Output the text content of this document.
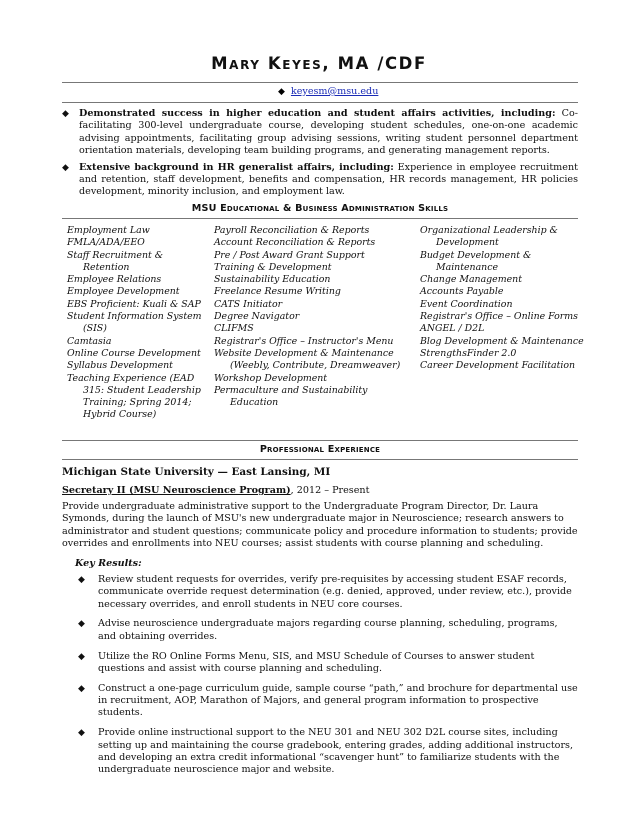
Mary Keyes, MA /CDF
◆ keyesm@msu.edu
◆ Demonstrated success in higher education and student affairs activities, including: Co-facilitating 300-level undergraduate course, developing student schedules, one-on-one academic advising appointments, facilitating group advising sessions, writing student personnel department orientation materials, developing team building programs, and generating management reports.
◆ Extensive background in HR generalist affairs, including: Experience in employee recruitment and retention, staff development, benefits and compensation, HR records management, HR policies development, minority inclusion, and employment law.
MSU Educational & Business Administration Skills
Employment Law
FMLA/ADA/EEO
Staff Recruitment & Retention
Employee Relations
Employee Development
EBS Proficient: Kuali & SAP
Student Information System (SIS)
Camtasia
Online Course Development
Syllabus Development
Teaching Experience (EAD 315: Student Leadership Training; Spring 2014; Hybrid Course)
Payroll Reconciliation & Reports
Account Reconciliation & Reports
Pre / Post Award Grant Support
Training & Development
Sustainability Education
Freelance Resume Writing
CATS Initiator
Degree Navigator
CLIFMS
Registrar's Office – Instructor's Menu
Website Development & Maintenance (Weebly, Contribute, Dreamweaver)
Workshop Development
Permaculture and Sustainability Education
Organizational Leadership & Development
Budget Development & Maintenance
Change Management
Accounts Payable
Event Coordination
Registrar's Office – Online Forms
ANGEL / D2L
Blog Development & Maintenance
StrengthsFinder 2.0
Career Development Facilitation
Professional Experience
Michigan State University — East Lansing, MI
Secretary II (MSU Neuroscience Program), 2012 – Present
Provide undergraduate administrative support to the Undergraduate Program Director, Dr. Laura Symonds, during the launch of MSU's new undergraduate major in Neuroscience; research answers to administrator and student questions; communicate policy and procedure information to students; provide overrides and enrollments into NEU courses; assist students with course planning and scheduling.
Key Results:
◆ Review student requests for overrides, verify pre-requisites by accessing student ESAF records, communicate override request determination (e.g. denied, approved, under review, etc.), provide necessary overrides, and enroll students in NEU core courses.
◆ Advise neuroscience undergraduate majors regarding course planning, scheduling, programs, and obtaining overrides.
◆ Utilize the RO Online Forms Menu, SIS, and MSU Schedule of Courses to answer student questions and assist with course planning and scheduling.
◆ Construct a one-page curriculum guide, sample course “path,” and brochure for departmental use in recruitment, AOP, Marathon of Majors, and general program information to prospective students.
◆ Provide online instructional support to the NEU 301 and NEU 302 D2L course sites, including setting up and maintaining the course gradebook, entering grades, adding additional instructors, and developing an extra credit informational “scavenger hunt” to familiarize students with the undergraduate neuroscience major and website.
